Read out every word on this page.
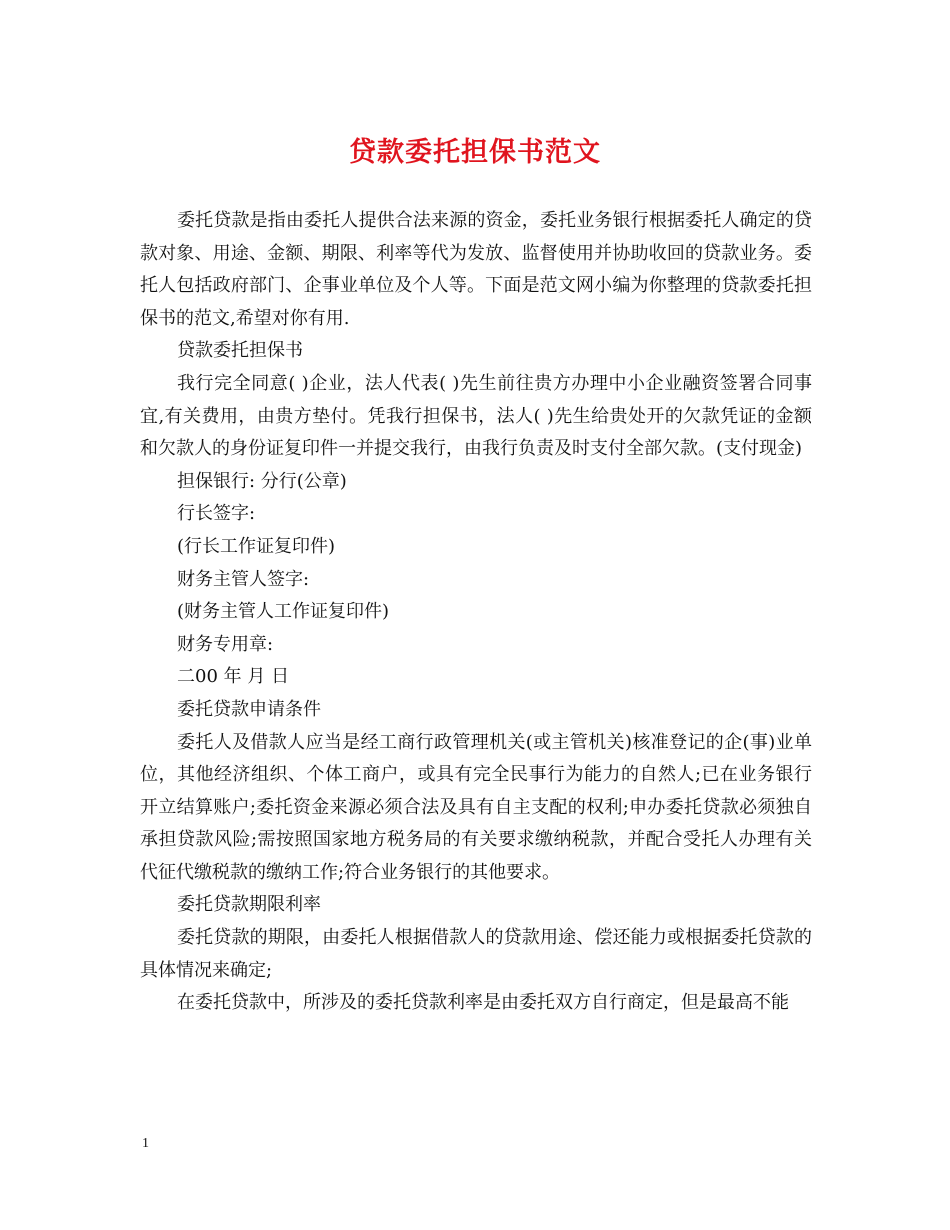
贷款委托担保书范文

委托贷款是指由委托人提供合法来源的资金，委托业务银行根据委托人确定的贷款对象、用途、金额、期限、利率等代为发放、监督使用并协助收回的贷款业务。委托人包括政府部门、企事业单位及个人等。下面是范文网小编为你整理的贷款委托担保书的范文,希望对你有用.

贷款委托担保书

我行完全同意( )企业，法人代表( )先生前往贵方办理中小企业融资签署合同事宜,有关费用，由贵方垫付。凭我行担保书，法人( )先生给贵处开的欠款凭证的金额和欠款人的身份证复印件一并提交我行，由我行负责及时支付全部欠款。(支付现金)

担保银行: 分行(公章)

行长签字:

(行长工作证复印件)

财务主管人签字:

(财务主管人工作证复印件)

财务专用章:

二00 年 月 日

委托贷款申请条件

委托人及借款人应当是经工商行政管理机关(或主管机关)核准登记的企(事)业单位，其他经济组织、个体工商户，或具有完全民事行为能力的自然人;已在业务银行开立结算账户;委托资金来源必须合法及具有自主支配的权利;申办委托贷款必须独自承担贷款风险;需按照国家地方税务局的有关要求缴纳税款，并配合受托人办理有关代征代缴税款的缴纳工作;符合业务银行的其他要求。

委托贷款期限利率

委托贷款的期限，由委托人根据借款人的贷款用途、偿还能力或根据委托贷款的具体情况来确定;

在委托贷款中，所涉及的委托贷款利率是由委托双方自行商定，但是最高不能

1
